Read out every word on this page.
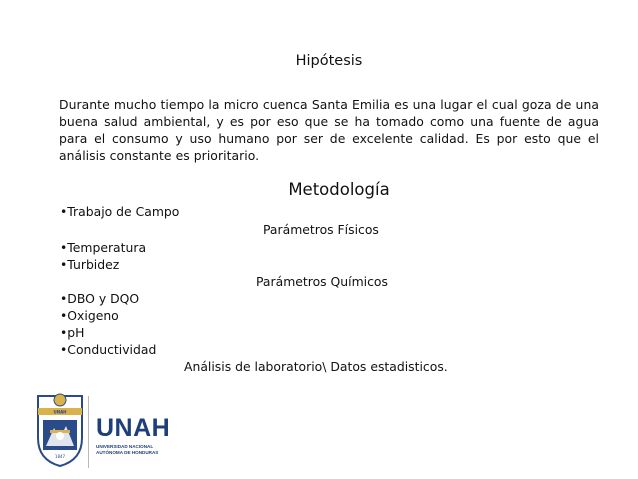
Hipótesis
Durante mucho tiempo la micro cuenca Santa Emilia es una lugar el cual goza de una buena salud ambiental, y es por eso que se ha tomado como una fuente de agua para el consumo y uso humano por ser de excelente calidad. Es por esto que el análisis constante es prioritario.
Metodología
•Trabajo de Campo
Parámetros Físicos
•Temperatura
•Turbidez
Parámetros Químicos
•DBO y DQO
•Oxigeno
•pH
•Conductividad
Análisis de laboratorio\ Datos estadisticos.
UNAH
1847
UNAH
UNIVERSIDAD NACIONAL
AUTÓNOMA DE HONDURAS
